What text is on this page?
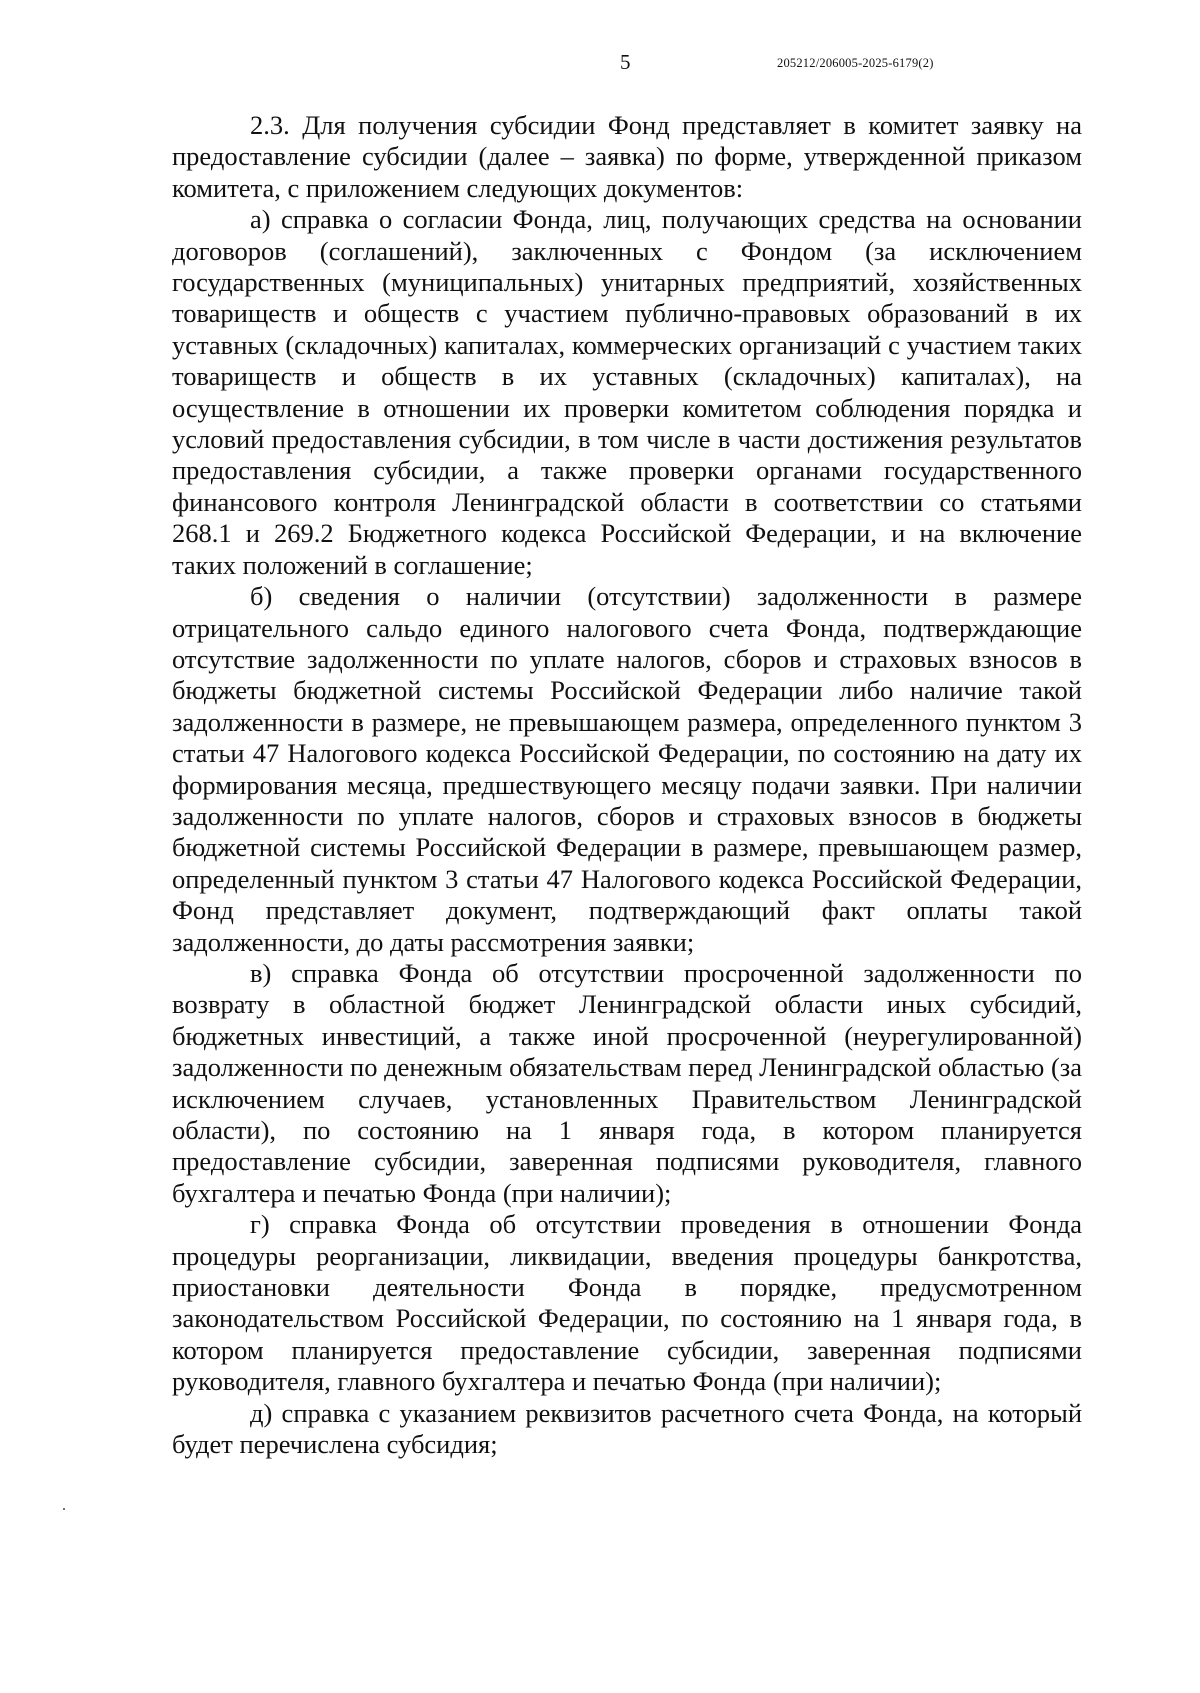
5	205212/206005-2025-6179(2)

2.3. Для получения субсидии Фонд представляет в комитет заявку на предоставление субсидии (далее – заявка) по форме, утвержденной приказом комитета, с приложением следующих документов:

а) справка о согласии Фонда, лиц, получающих средства на основании договоров (соглашений), заключенных с Фондом (за исключением государственных (муниципальных) унитарных предприятий, хозяйственных товариществ и обществ с участием публично-правовых образований в их уставных (складочных) капиталах, коммерческих организаций с участием таких товариществ и обществ в их уставных (складочных) капиталах), на осуществление в отношении их проверки комитетом соблюдения порядка и условий предоставления субсидии, в том числе в части достижения результатов предоставления субсидии, а также проверки органами государственного финансового контроля Ленинградской области в соответствии со статьями 268.1 и 269.2 Бюджетного кодекса Российской Федерации, и на включение таких положений в соглашение;

б) сведения о наличии (отсутствии) задолженности в размере отрицательного сальдо единого налогового счета Фонда, подтверждающие отсутствие задолженности по уплате налогов, сборов и страховых взносов в бюджеты бюджетной системы Российской Федерации либо наличие такой задолженности в размере, не превышающем размера, определенного пунктом 3 статьи 47 Налогового кодекса Российской Федерации, по состоянию на дату их формирования месяца, предшествующего месяцу подачи заявки. При наличии задолженности по уплате налогов, сборов и страховых взносов в бюджеты бюджетной системы Российской Федерации в размере, превышающем размер, определенный пунктом 3 статьи 47 Налогового кодекса Российской Федерации, Фонд представляет документ, подтверждающий факт оплаты такой задолженности, до даты рассмотрения заявки;

в) справка Фонда об отсутствии просроченной задолженности по возврату в областной бюджет Ленинградской области иных субсидий, бюджетных инвестиций, а также иной просроченной (неурегулированной) задолженности по денежным обязательствам перед Ленинградской областью (за исключением случаев, установленных Правительством Ленинградской области), по состоянию на 1 января года, в котором планируется предоставление субсидии, заверенная подписями руководителя, главного бухгалтера и печатью Фонда (при наличии);

г) справка Фонда об отсутствии проведения в отношении Фонда процедуры реорганизации, ликвидации, введения процедуры банкротства, приостановки деятельности Фонда в порядке, предусмотренном законодательством Российской Федерации, по состоянию на 1 января года, в котором планируется предоставление субсидии, заверенная подписями руководителя, главного бухгалтера и печатью Фонда (при наличии);

д) справка с указанием реквизитов расчетного счета Фонда, на который будет перечислена субсидия;
